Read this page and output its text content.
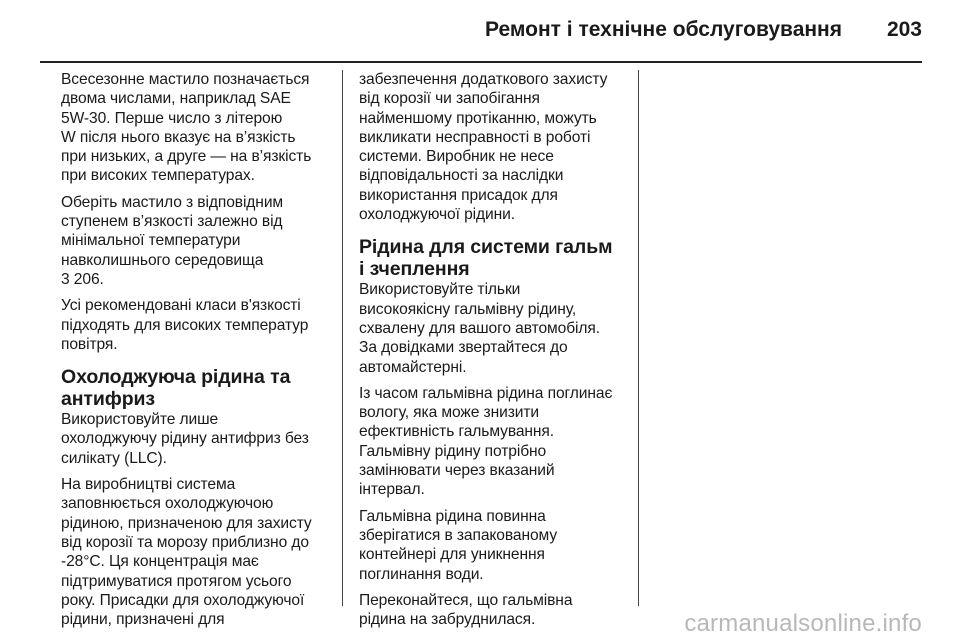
Ремонт і технічне обслуговування 203

Всесезонне мастило позначається
двома числами, наприклад SAE
5W-30. Перше число з літерою
W після нього вказує на в’язкість
при низьких, а друге — на в’язкість
при високих температурах.

Оберіть мастило з відповідним
ступенем в’язкості залежно від
мінімальної температури
навколишнього середовища
3 206.

Усі рекомендовані класи в'язкості
підходять для високих температур
повітря.

Охолоджуюча рідина та
антифриз

Використовуйте лише
охолоджуючу рідину антифриз без
силікату (LLC).

На виробництві система
заповнюється охолоджуючою
рідиною, призначеною для захисту
від корозії та морозу приблизно до
-28°C. Ця концентрація має
підтримуватися протягом усього
року. Присадки для охолоджуючої
рідини, призначені для

забезпечення додаткового захисту
від корозії чи запобігання
найменшому протіканню, можуть
викликати несправності в роботі
системи. Виробник не несе
відповідальності за наслідки
використання присадок для
охолоджуючої рідини.

Рідина для системи гальм
і зчеплення

Використовуйте тільки
високоякісну гальмівну рідину,
схвалену для вашого автомобіля.
За довідками звертайтеся до
автомайстерні.

Із часом гальмівна рідина поглинає
вологу, яка може знизити
ефективність гальмування.
Гальмівну рідину потрібно
замінювати через вказаний
інтервал.

Гальмівна рідина повинна
зберігатися в запакованому
контейнері для уникнення
поглинання води.

Переконайтеся, що гальмівна
рідина на забруднилася.	carmanualsonline.info
